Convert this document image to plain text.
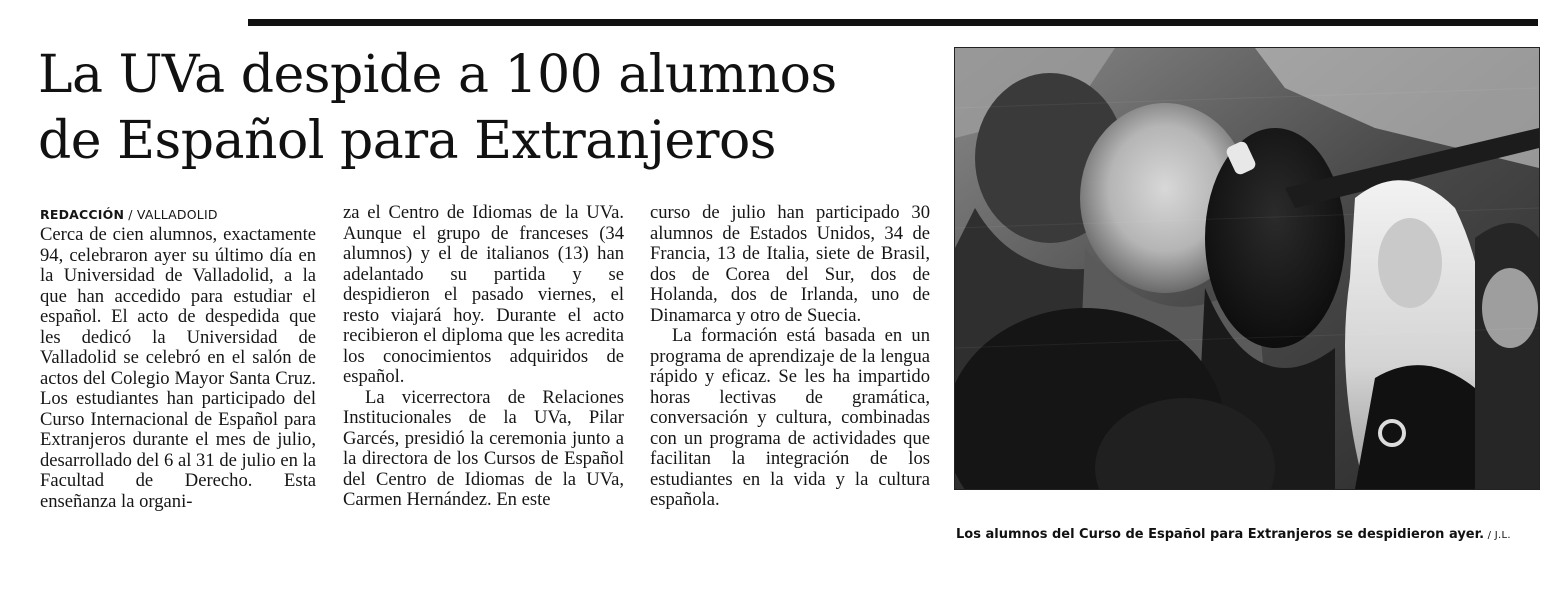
La UVa despide a 100 alumnos
de Español para Extranjeros
REDACCIÓN / VALLADOLID

Cerca de cien alumnos, exactamente 94, celebraron ayer su último día en la Universidad de Valladolid, a la que han accedido para estudiar el español. El acto de despedida que les dedicó la Universidad de Valladolid se celebró en el salón de actos del Colegio Mayor Santa Cruz. Los estudiantes han participado del Curso Internacional de Español para Extranjeros durante el mes de julio, desarrollado del 6 al 31 de julio en la Facultad de Derecho. Esta enseñanza la organi-

za el Centro de Idiomas de la UVa. Aunque el grupo de franceses (34 alumnos) y el de italianos (13) han adelantado su partida y se despidieron el pasado viernes, el resto viajará hoy. Durante el acto recibieron el diploma que les acredita los conocimientos adquiridos de español.

La vicerrectora de Relaciones Institucionales de la UVa, Pilar Garcés, presidió la ceremonia junto a la directora de los Cursos de Español del Centro de Idiomas de la UVa, Carmen Hernández. En este

curso de julio han participado 30 alumnos de Estados Unidos, 34 de Francia, 13 de Italia, siete de Brasil, dos de Corea del Sur, dos de Holanda, dos de Irlanda, uno de Dinamarca y otro de Suecia.

La formación está basada en un programa de aprendizaje de la lengua rápido y eficaz. Se les ha impartido horas lectivas de gramática, conversación y cultura, combinadas con un programa de actividades que facilitan la integración de los estudiantes en la vida y la cultura española.

Los alumnos del Curso de Español para Extranjeros se despidieron ayer. / J.L.
